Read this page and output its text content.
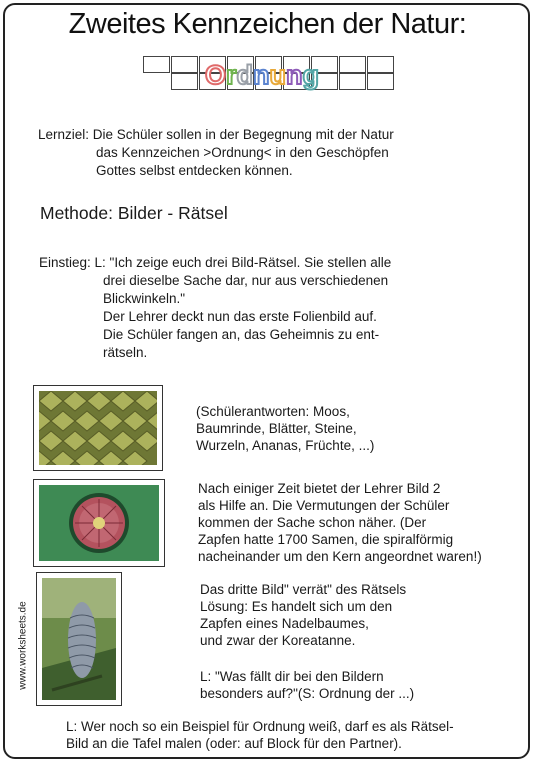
Zweites Kennzeichen der Natur:
Ordnung
Lernziel: Die Schüler sollen in der Begegnung mit der Natur
das Kennzeichen >Ordnung< in den Geschöpfen
Gottes selbst entdecken können.
Methode: Bilder - Rätsel
Einstieg: L: "Ich zeige euch drei Bild-Rätsel. Sie stellen alle
drei dieselbe Sache dar, nur aus verschiedenen
Blickwinkeln."
Der Lehrer deckt nun das erste Folienbild auf.
Die Schüler fangen an, das Geheimnis zu ent-
rätseln.
(Schülerantworten: Moos,
Baumrinde, Blätter, Steine,
Wurzeln, Ananas, Früchte, ...)
Nach einiger Zeit bietet der Lehrer Bild 2
als Hilfe an. Die Vermutungen der Schüler
kommen der Sache schon näher. (Der
Zapfen hatte 1700 Samen, die spiralförmig
nacheinander um den Kern angeordnet waren!)
www.worksheets.de
Das dritte Bild" verrät" des Rätsels
Lösung: Es handelt sich um den
Zapfen eines Nadelbaumes,
und zwar der Koreatanne.
L: "Was fällt dir bei den Bildern
besonders auf?"(S: Ordnung der ...)
L: Wer noch so ein Beispiel für Ordnung weiß, darf es als Rätsel-
Bild an die Tafel malen (oder: auf Block für den Partner).
